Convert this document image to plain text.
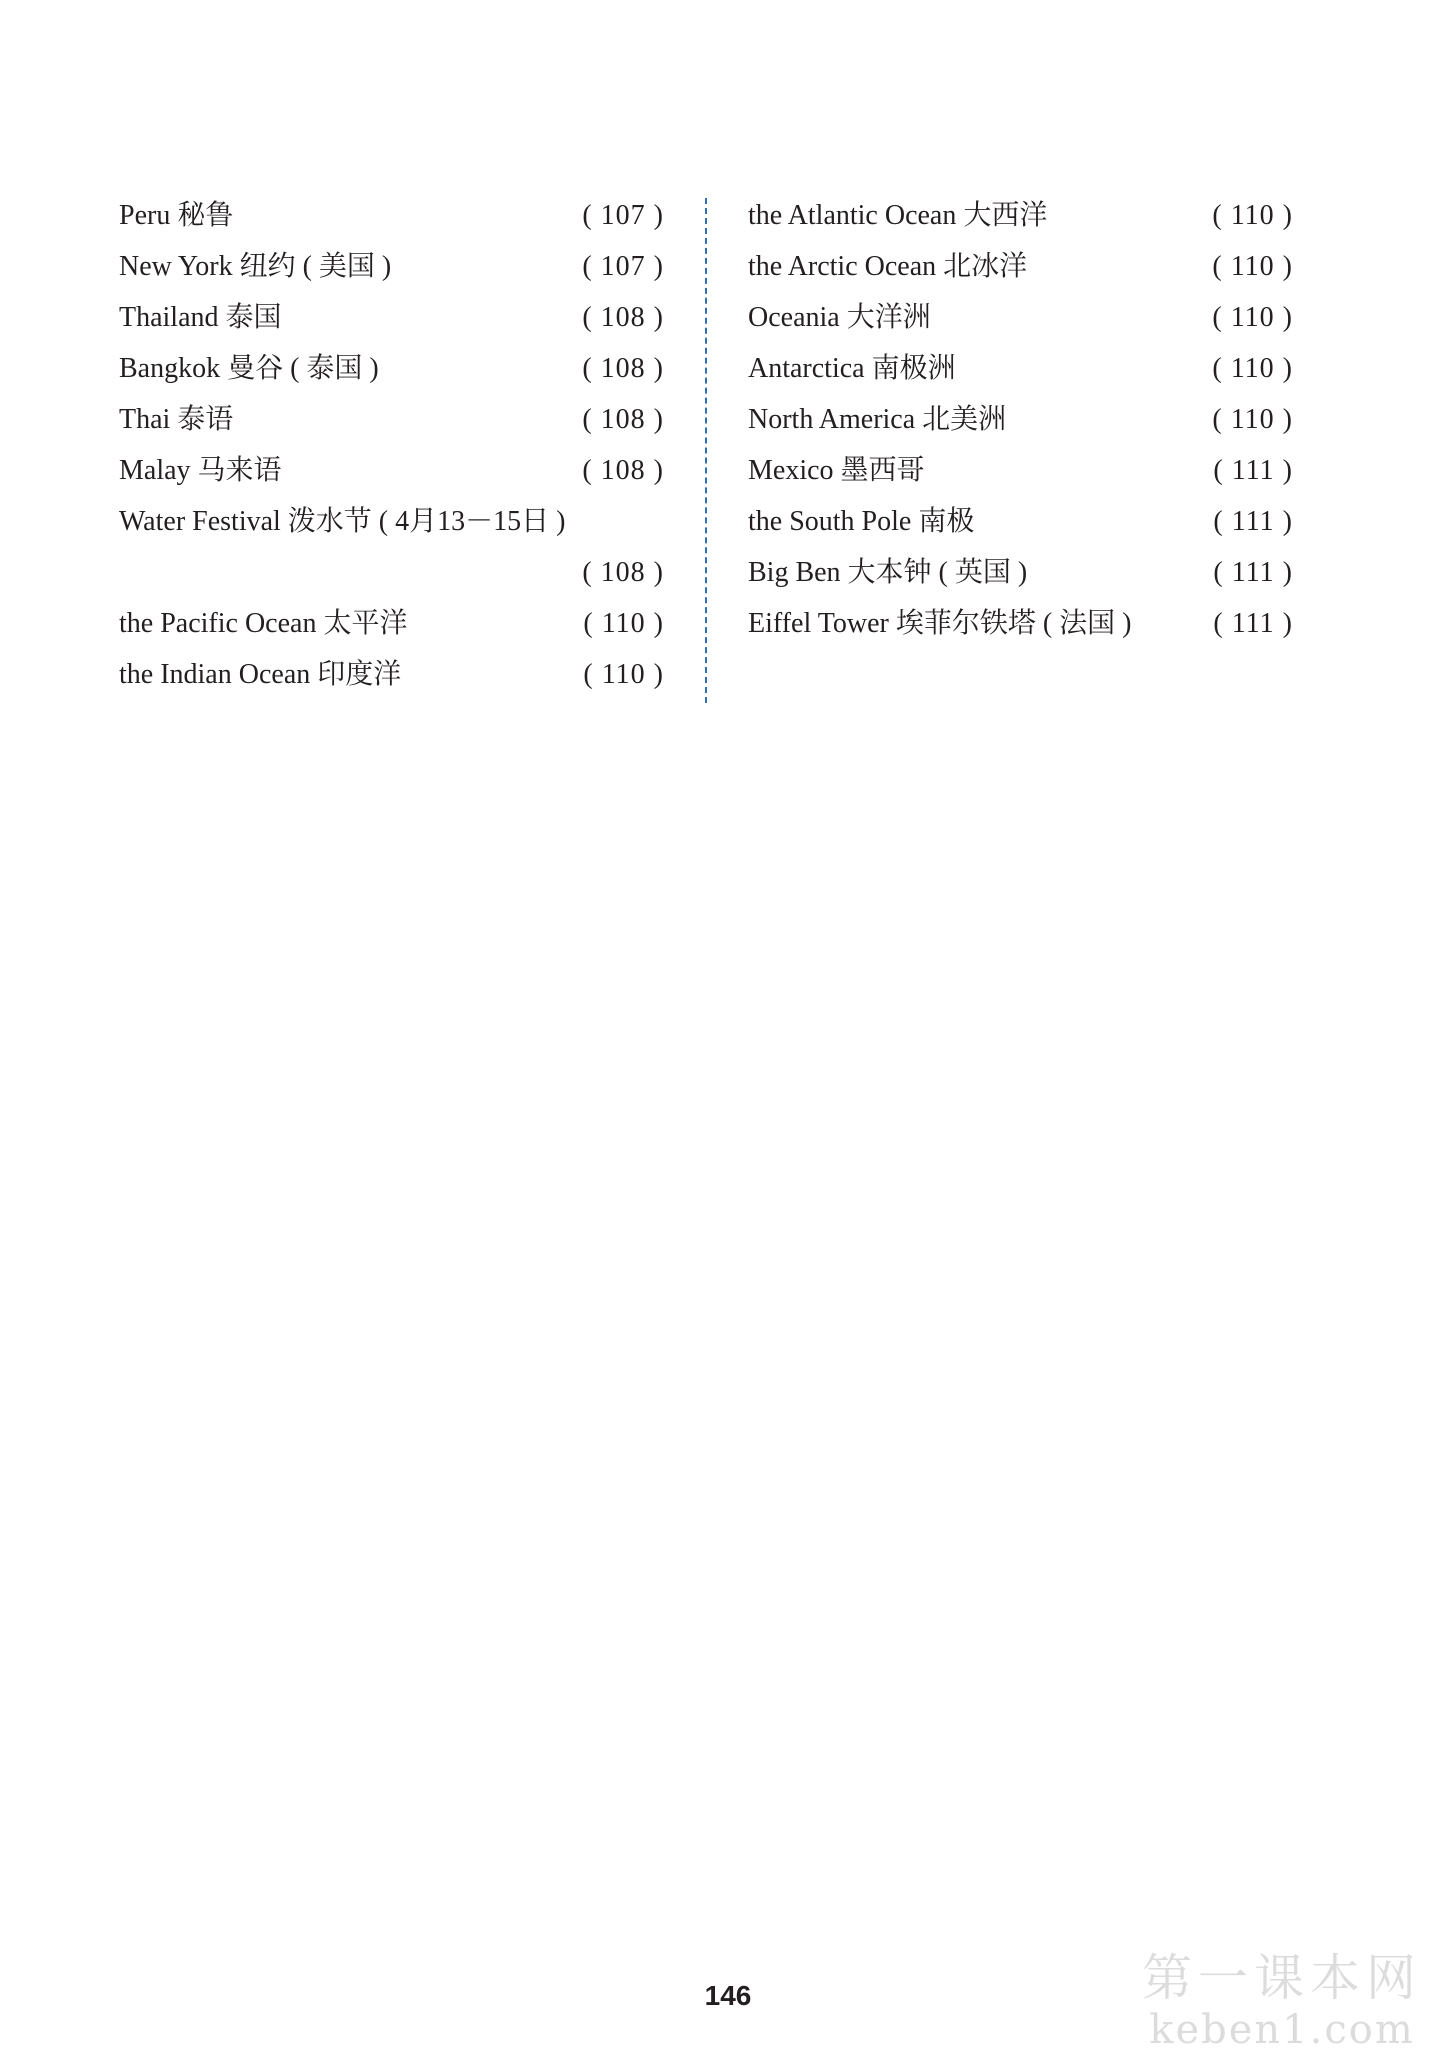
Peru 秘鲁	( 107 )
New York 纽约 ( 美国 )	( 107 )
Thailand 泰国	( 108 )
Bangkok 曼谷 ( 泰国 )	( 108 )
Thai 泰语	( 108 )
Malay 马来语	( 108 )
Water Festival 泼水节 ( 4月13－15日 )
( 108 )
the Pacific Ocean 太平洋	( 110 )
the Indian Ocean 印度洋	( 110 )
the Atlantic Ocean 大西洋	( 110 )
the Arctic Ocean 北冰洋	( 110 )
Oceania 大洋洲	( 110 )
Antarctica 南极洲	( 110 )
North America 北美洲	( 110 )
Mexico 墨西哥	( 111 )
the South Pole 南极	( 111 )
Big Ben 大本钟 ( 英国 )	( 111 )
Eiffel Tower 埃菲尔铁塔 ( 法国 )	( 111 )
146	第一课本网
keben1.com
